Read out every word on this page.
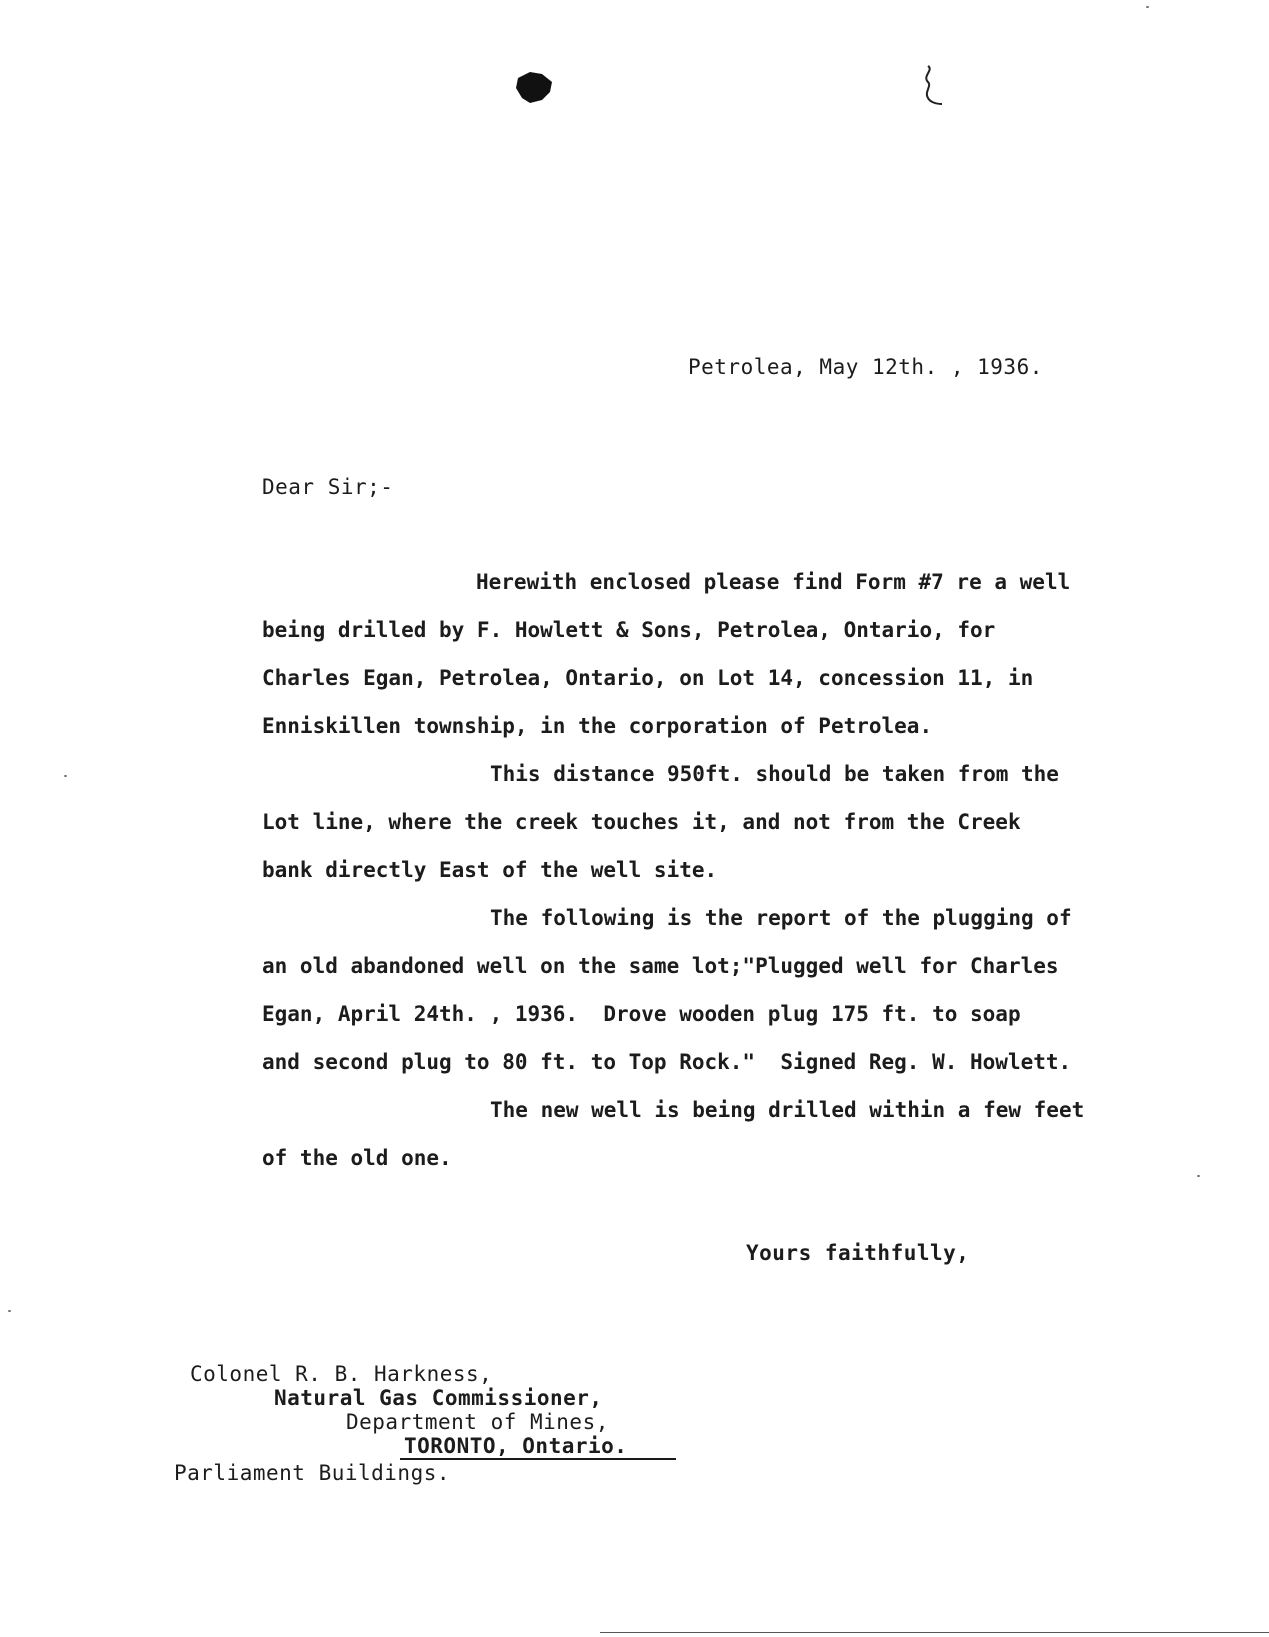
Petrolea, May 12th. , 1936.
Dear Sir;-
Herewith enclosed please find Form #7 re a well
being drilled by F. Howlett & Sons, Petrolea, Ontario, for
Charles Egan, Petrolea, Ontario, on Lot 14, concession 11, in
Enniskillen township, in the corporation of Petrolea.
This distance 950ft. should be taken from the
Lot line, where the creek touches it, and not from the Creek
bank directly East of the well site.
The following is the report of the plugging of
an old abandoned well on the same lot;"Plugged well for Charles
Egan, April 24th. , 1936.  Drove wooden plug 175 ft. to soap
and second plug to 80 ft. to Top Rock."  Signed Reg. W. Howlett.
The new well is being drilled within a few feet
of the old one.
Yours faithfully,
Colonel R. B. Harkness,
Natural Gas Commissioner,
Department of Mines,
TORONTO, Ontario.
Parliament Buildings.
